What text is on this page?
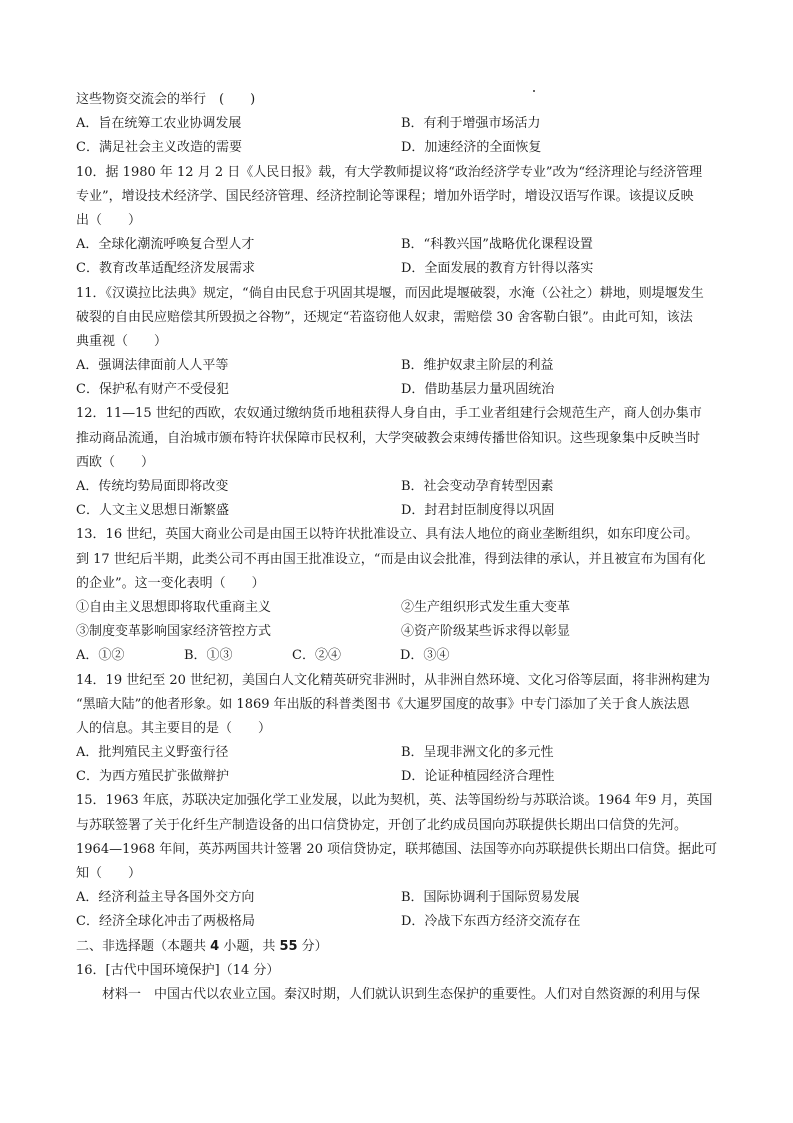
这些物资交流会的举行　(　　)
A．旨在统筹工农业协调发展	B．有利于增强市场活力
C．满足社会主义改造的需要	D．加速经济的全面恢复
10．据 1980 年 12 月 2 日《人民日报》载，有大学教师提议将“政治经济学专业”改为“经济理论与经济管理
专业”，增设技术经济学、国民经济管理、经济控制论等课程；增加外语学时，增设汉语写作课。该提议反映
出（　　）
A．全球化潮流呼唤复合型人才	B．“科教兴国”战略优化课程设置
C．教育改革适配经济发展需求	D．全面发展的教育方针得以落实
11．《汉谟拉比法典》规定，“倘自由民怠于巩固其堤堰，而因此堤堰破裂，水淹（公社之）耕地，则堤堰发生
破裂的自由民应赔偿其所毁损之谷物”，还规定“若盗窃他人奴隶，需赔偿 30 舍客勒白银”。由此可知，该法
典重视（　　）
A．强调法律面前人人平等	B．维护奴隶主阶层的利益
C．保护私有财产不受侵犯	D．借助基层力量巩固统治
12．11—15 世纪的西欧，农奴通过缴纳货币地租获得人身自由，手工业者组建行会规范生产，商人创办集市
推动商品流通，自治城市颁布特许状保障市民权利，大学突破教会束缚传播世俗知识。这些现象集中反映当时
西欧（　　）
A．传统均势局面即将改变	B．社会变动孕育转型因素
C．人文主义思想日渐繁盛	D．封君封臣制度得以巩固
13．16 世纪，英国大商业公司是由国王以特许状批准设立、具有法人地位的商业垄断组织，如东印度公司。
到 17 世纪后半期，此类公司不再由国王批准设立，“而是由议会批准，得到法律的承认，并且被宣布为国有化
的企业”。这一变化表明（　　）
①自由主义思想即将取代重商主义	②生产组织形式发生重大变革
③制度变革影响国家经济管控方式	④资产阶级某些诉求得以彰显
A．①②	B．①③	C．②④	D．③④
14．19 世纪至 20 世纪初，美国白人文化精英研究非洲时，从非洲自然环境、文化习俗等层面，将非洲构建为
“黑暗大陆”的他者形象。如 1869 年出版的科普类图书《大暹罗国度的故事》中专门添加了关于食人族法恩
人的信息。其主要目的是（　　）
A．批判殖民主义野蛮行径	B．呈现非洲文化的多元性
C．为西方殖民扩张做辩护	D．论证种植园经济合理性
15．1963 年底，苏联决定加强化学工业发展，以此为契机，英、法等国纷纷与苏联洽谈。1964 年9 月，英国
与苏联签署了关于化纤生产制造设备的出口信贷协定，开创了北约成员国向苏联提供长期出口信贷的先河。
1964—1968 年间，英苏两国共计签署 20 项信贷协定，联邦德国、法国等亦向苏联提供长期出口信贷。据此可
知（　　）
A．经济利益主导各国外交方向	B．国际协调利于国际贸易发展
C．经济全球化冲击了两极格局	D．冷战下东西方经济交流存在
二、非选择题（本题共 4 小题，共 55 分）
16．[古代中国环境保护]（14 分）
材料一　中国古代以农业立国。秦汉时期，人们就认识到生态保护的重要性。人们对自然资源的利用与保
